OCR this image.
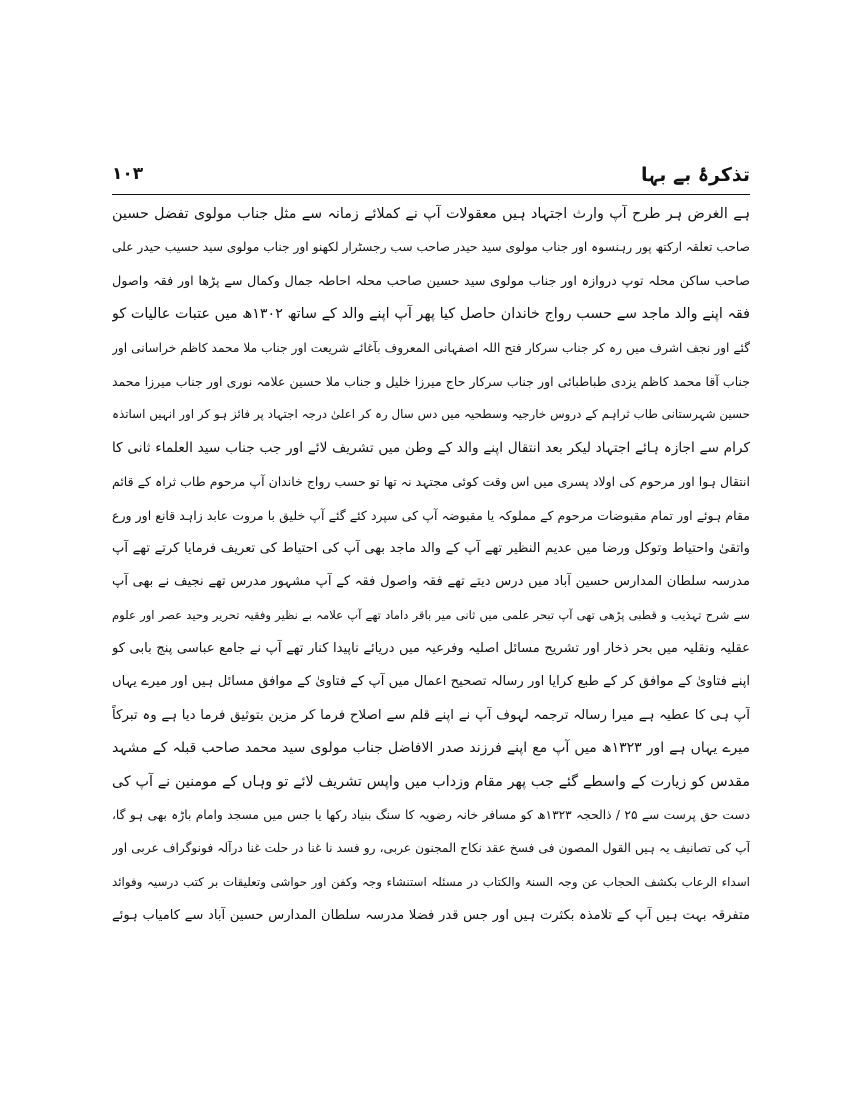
تذکرۂ بے بہا
۱۰۳
ہے الغرض ہر طرح آپ وارث اجتہاد ہیں معقولات آپ نے کملائے زمانہ سے مثل جناب مولوی تفضل حسین
صاحب تعلقہ ارکتھ پور رہنسوہ اور جناب مولوی سید حیدر صاحب سب رجسٹرار لکھنو اور جناب مولوی سید حسیب حیدر علی
صاحب ساکن محلہ توپ دروازہ اور جناب مولوی سید حسین صاحب محلہ احاطہ جمال وکمال سے پڑھا اور فقہ واصول
فقہ اپنے والد ماجد سے حسب رواج خاندان حاصل کیا پھر آپ اپنے والد کے ساتھ ۱۳۰۲ھ میں عتبات عالیات کو
گئے اور نجف اشرف میں رہ کر جناب سرکار فتح اللہ اصفہانی المعروف بآغائے شریعت اور جناب ملا محمد کاظم خراسانی اور
جناب آقا محمد کاظم یزدی طباطبائی اور جناب سرکار حاج میرزا خلیل و جناب ملا حسین علامہ نوری اور جناب میرزا محمد
حسین شہرستانی طاب ثراہم کے دروس خارجیہ وسطحیہ میں دس سال رہ کر اعلیٰ درجہ اجتہاد پر فائز ہو کر اور انہیں اساتذہ
کرام سے اجازہ ہائے اجتہاد لیکر بعد انتقال اپنے والد کے وطن میں تشریف لائے اور جب جناب سید العلماء ثانی کا
انتقال ہوا اور مرحوم کی اولاد پسری میں اس وقت کوئی مجتہد نہ تھا تو حسب رواج خاندان آپ مرحوم طاب ثراہ کے قائم
مقام ہوئے اور تمام مقبوضات مرحوم کے مملوکہ یا مقبوضہ آپ کی سپرد کئے گئے آپ خلیق با مروت عابد زاہد قانع اور ورع
واتقیٰ واحتیاط وتوکل ورضا میں عدیم النظیر تھے آپ کے والد ماجد بھی آپ کی احتیاط کی تعریف فرمایا کرتے تھے آپ
مدرسہ سلطان المدارس حسین آباد میں درس دیتے تھے فقہ واصول فقہ کے آپ مشہور مدرس تھے نجیف نے بھی آپ
سے شرح تہذیب و قطبی پڑھی تھی آپ تبحر علمی میں ثانی میر باقر داماد تھے آپ علامہ بے نظیر وفقیہ تحریر وحید عصر اور علوم
عقلیہ ونقلیہ میں بحر ذخار اور تشریح مسائل اصلیہ وفرعیہ میں دریائے ناپیدا کنار تھے آپ نے جامع عباسی پنج بابی کو
اپنے فتاویٰ کے موافق کر کے طبع کرایا اور رسالہ تصحیح اعمال میں آپ کے فتاویٰ کے موافق مسائل ہیں اور میرے یہاں
آپ ہی کا عطیہ ہے میرا رسالہ ترجمہ لہوف آپ نے اپنے قلم سے اصلاح فرما کر مزین بتوثیق فرما دیا ہے وہ تبرکاً
میرے یہاں ہے اور ۱۳۲۳ھ میں آپ مع اپنے فرزند صدر الافاضل جناب مولوی سید محمد صاحب قبلہ کے مشہد
مقدس کو زیارت کے واسطے گئے جب پھر مقام وزداب میں واپس تشریف لائے تو وہاں کے مومنین نے آپ کی
دست حق پرست سے ۲۵ / ذالحجہ ۱۳۲۳ھ کو مسافر خانہ رضویہ کا سنگ بنیاد رکھا یا جس میں مسجد وامام باڑہ بھی ہو گا،
آپ کی تصانیف یہ ہیں القول المصون فی فسخ عقد نکاح المجنون عربی، رو فسد نا غنا در حلت غنا درآلہ فونوگراف عربی اور
اسداء الرعاب بکشف الحجاب عن وجہ السنۃ والکتاب در مسئلہ استنشاء وجہ وکفن اور حواشی وتعلیقات بر کتب درسیہ وفوائد
متفرقہ بہت ہیں آپ کے تلامذہ بکثرت ہیں اور جس قدر فضلا مدرسہ سلطان المدارس حسین آباد سے کامیاب ہوئے
